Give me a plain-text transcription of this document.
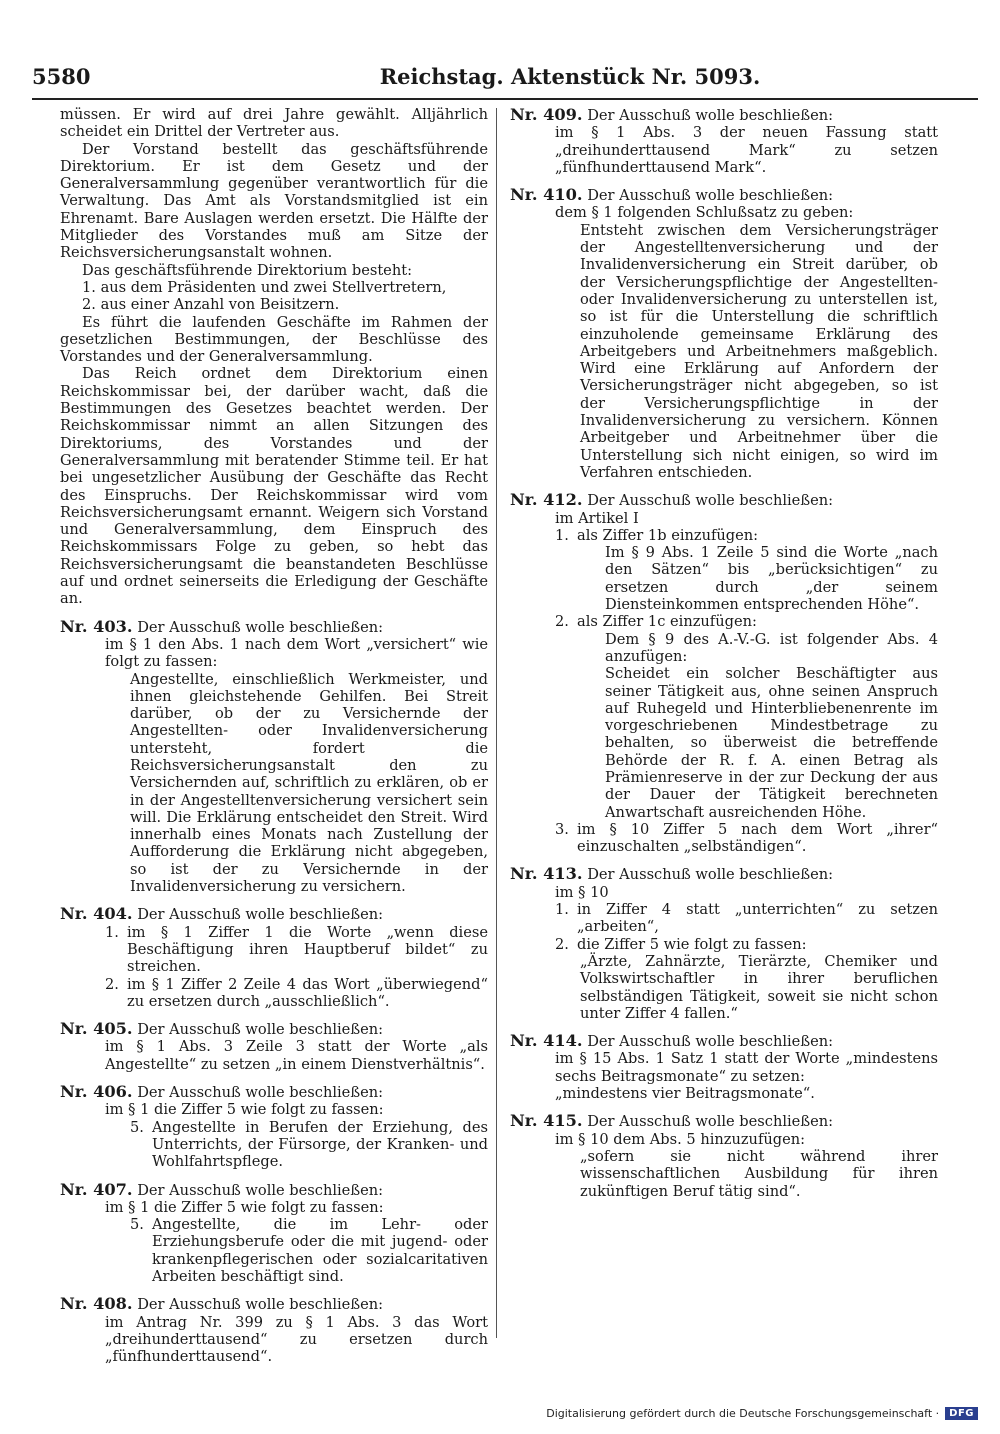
5580	Reichstag. Aktenstück Nr. 5093.

müssen. Er wird auf drei Jahre gewählt. Alljährlich scheidet ein Drittel der Vertreter aus.

Der Vorstand bestellt das geschäftsführende Direktorium. Er ist dem Gesetz und der Generalversammlung gegenüber verantwortlich für die Verwaltung. Das Amt als Vorstandsmitglied ist ein Ehrenamt. Bare Auslagen werden ersetzt. Die Hälfte der Mitglieder des Vorstandes muß am Sitze der Reichsversicherungsanstalt wohnen.

Das geschäftsführende Direktorium besteht:

1. aus dem Präsidenten und zwei Stellvertretern,

2. aus einer Anzahl von Beisitzern.

Es führt die laufenden Geschäfte im Rahmen der gesetzlichen Bestimmungen, der Beschlüsse des Vorstandes und der Generalversammlung.

Das Reich ordnet dem Direktorium einen Reichskommissar bei, der darüber wacht, daß die Bestimmungen des Gesetzes beachtet werden. Der Reichskommissar nimmt an allen Sitzungen des Direktoriums, des Vorstandes und der Generalversammlung mit beratender Stimme teil. Er hat bei ungesetzlicher Ausübung der Geschäfte das Recht des Einspruchs. Der Reichskommissar wird vom Reichsversicherungsamt ernannt. Weigern sich Vorstand und Generalversammlung, dem Einspruch des Reichskommissars Folge zu geben, so hebt das Reichsversicherungsamt die beanstandeten Beschlüsse auf und ordnet seinerseits die Erledigung der Geschäfte an.

Nr. 403. Der Ausschuß wolle beschließen:

im § 1 den Abs. 1 nach dem Wort „versichert“ wie folgt zu fassen:

Angestellte, einschließlich Werkmeister, und ihnen gleichstehende Gehilfen. Bei Streit darüber, ob der zu Versichernde der Angestellten- oder Invalidenversicherung untersteht, fordert die Reichsversicherungsanstalt den zu Versichernden auf, schriftlich zu erklären, ob er in der Angestelltenversicherung versichert sein will. Die Erklärung entscheidet den Streit. Wird innerhalb eines Monats nach Zustellung der Aufforderung die Erklärung nicht abgegeben, so ist der zu Versichernde in der Invalidenversicherung zu versichern.

Nr. 404. Der Ausschuß wolle beschließen:

1. im § 1 Ziffer 1 die Worte „wenn diese Beschäftigung ihren Hauptberuf bildet“ zu streichen.
2. im § 1 Ziffer 2 Zeile 4 das Wort „überwiegend“ zu ersetzen durch „ausschließlich“.

Nr. 405. Der Ausschuß wolle beschließen:

im § 1 Abs. 3 Zeile 3 statt der Worte „als Angestellte“ zu setzen „in einem Dienstverhältnis“.

Nr. 406. Der Ausschuß wolle beschließen:

im § 1 die Ziffer 5 wie folgt zu fassen:

5. Angestellte in Berufen der Erziehung, des Unterrichts, der Fürsorge, der Kranken- und Wohlfahrtspflege.

Nr. 407. Der Ausschuß wolle beschließen:

im § 1 die Ziffer 5 wie folgt zu fassen:

5. Angestellte, die im Lehr- oder Erziehungsberufe oder die mit jugend- oder krankenpflegerischen oder sozialcaritativen Arbeiten beschäftigt sind.

Nr. 408. Der Ausschuß wolle beschließen:

im Antrag Nr. 399 zu § 1 Abs. 3 das Wort „dreihunderttausend“ zu ersetzen durch „fünfhunderttausend“.

Nr. 409. Der Ausschuß wolle beschließen:

im § 1 Abs. 3 der neuen Fassung statt „dreihunderttausend Mark“ zu setzen „fünfhunderttausend Mark“.

Nr. 410. Der Ausschuß wolle beschließen:

dem § 1 folgenden Schlußsatz zu geben:

Entsteht zwischen dem Versicherungsträger der Angestelltenversicherung und der Invalidenversicherung ein Streit darüber, ob der Versicherungspflichtige der Angestellten- oder Invalidenversicherung zu unterstellen ist, so ist für die Unterstellung die schriftlich einzuholende gemeinsame Erklärung des Arbeitgebers und Arbeitnehmers maßgeblich. Wird eine Erklärung auf Anfordern der Versicherungsträger nicht abgegeben, so ist der Versicherungspflichtige in der Invalidenversicherung zu versichern. Können Arbeitgeber und Arbeitnehmer über die Unterstellung sich nicht einigen, so wird im Verfahren entschieden.

Nr. 412. Der Ausschuß wolle beschließen:

im Artikel I

1. als Ziffer 1b einzufügen:

Im § 9 Abs. 1 Zeile 5 sind die Worte „nach den Sätzen“ bis „berücksichtigen“ zu ersetzen durch „der seinem Diensteinkommen entsprechenden Höhe“.

2. als Ziffer 1c einzufügen:

Dem § 9 des A.-V.-G. ist folgender Abs. 4 anzufügen:

Scheidet ein solcher Beschäftigter aus seiner Tätigkeit aus, ohne seinen Anspruch auf Ruhegeld und Hinterbliebenenrente im vorgeschriebenen Mindestbetrage zu behalten, so überweist die betreffende Behörde der R. f. A. einen Betrag als Prämienreserve in der zur Deckung der aus der Dauer der Tätigkeit berechneten Anwartschaft ausreichenden Höhe.

3. im § 10 Ziffer 5 nach dem Wort „ihrer“ einzuschalten „selbständigen“.

Nr. 413. Der Ausschuß wolle beschließen:

im § 10

1. in Ziffer 4 statt „unterrichten“ zu setzen „arbeiten“,
2. die Ziffer 5 wie folgt zu fassen:

„Ärzte, Zahnärzte, Tierärzte, Chemiker und Volkswirtschaftler in ihrer beruflichen selbständigen Tätigkeit, soweit sie nicht schon unter Ziffer 4 fallen.“

Nr. 414. Der Ausschuß wolle beschließen:

im § 15 Abs. 1 Satz 1 statt der Worte „mindestens sechs Beitragsmonate“ zu setzen:

„mindestens vier Beitragsmonate“.

Nr. 415. Der Ausschuß wolle beschließen:

im § 10 dem Abs. 5 hinzuzufügen:

„sofern sie nicht während ihrer wissenschaftlichen Ausbildung für ihren zukünftigen Beruf tätig sind“.

Digitalisierung gefördert durch die Deutsche Forschungsgemeinschaft ·	DFG
